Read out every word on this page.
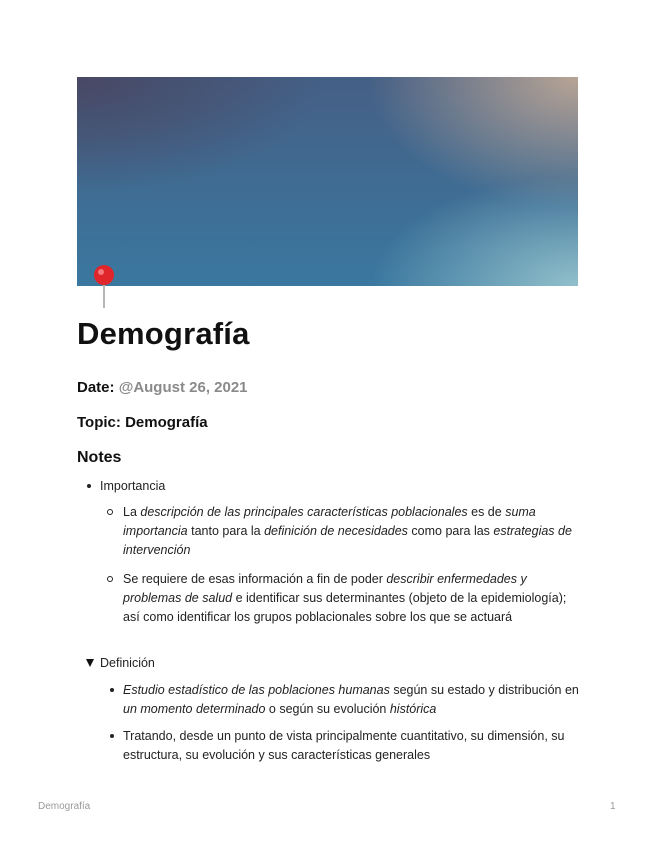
Demografía

Date: @August 26, 2021

Topic: Demografía

Notes
Importancia
La descripción de las principales características poblacionales es de suma importancia tanto para la definición de necesidades como para las estrategias de intervención
Se requiere de esas información a fin de poder describir enfermedades y problemas de salud e identificar sus determinantes (objeto de la epidemiología); así como identificar los grupos poblacionales sobre los que se actuará
Definición
Estudio estadístico de las poblaciones humanas según su estado y distribución en un momento determinado o según su evolución histórica
Tratando, desde un punto de vista principalmente cuantitativo, su dimensión, su estructura, su evolución y sus características generales
Demografía	1
